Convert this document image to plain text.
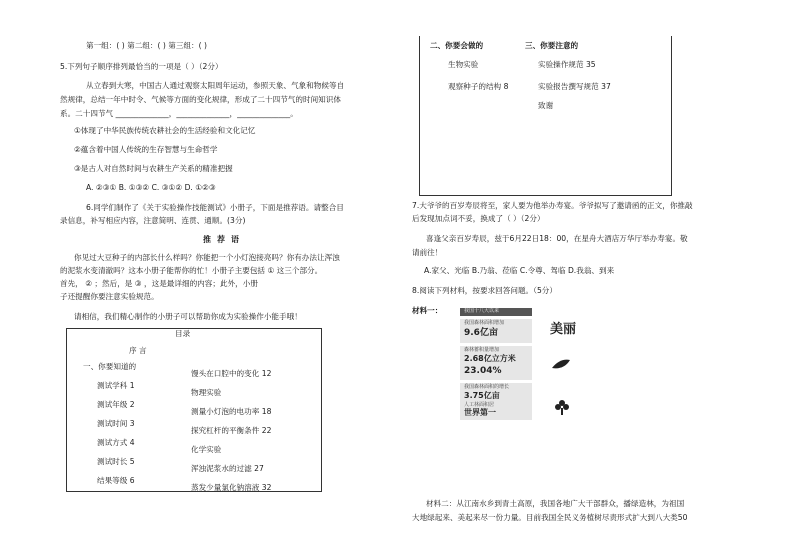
第一组：( ) 第二组：( ) 第三组：( )
5.下列句子顺序排列最恰当的一项是（ ）（2分）
从立春到大寒，中国古人通过观察太阳周年运动，参照天象、气象和物候等自
然规律，总结一年中时令、气候等方面的变化规律，形成了二十四节气的时间知识体
系。二十四节气 ______________，______________，______________。
①体现了中华民族传统农耕社会的生活经验和文化记忆
②蕴含着中国人传统的生存智慧与生命哲学
③是古人对自然时间与农耕生产关系的精准把握
A. ②③① B. ①③② C. ③①② D. ①②③
6.同学们制作了《关于实验操作技能测试》小册子，下面是推荐语。请整合目
录信息，补写相应内容，注意简明、连贯、通顺。(3分)
推荐语
你见过大豆种子的内部长什么样吗？你能把一个小灯泡接亮吗？你有办法让浑浊
的泥浆水变清澈吗？这本小册子能帮你的忙！小册子主要包括 ① 这三个部分。
首先， ② ；然后，是 ③ ，这是最详细的内容；此外，小册
子还提醒你要注意实验规范。
请相信，我们精心制作的小册子可以帮助你成为实验操作小能手哦！
目录
序 言
一、你要知道的
测试学科 1
测试年级 2
测试时间 3
测试方式 4
测试时长 5
结果等级 6
馒头在口腔中的变化 12
物理实验
测量小灯泡的电功率 18
探究杠杆的平衡条件 22
化学实验
浑浊泥浆水的过滤 27
蒸发少量氯化钠溶液 32
二、你要会做的	三、你要注意的
生物实验	实验操作规范 35
观察种子的结构 8	实验报告撰写规范 37
致谢
7.大爷爷的百岁寿辰将至，家人要为他举办寿宴。爷爷拟写了邀请函的正文，你推敲
后发现加点词不妥，换成了（ ）（2分）
喜逢父亲百岁寿辰，兹于6月22日18：00，在星舟大酒店万华厅举办寿宴。敬
请前往！
A.家父、光临 B.乃翁、莅临 C.令尊、驾临 D.我翁、到来
8.阅读下列材料，按要求回答问题。（5分）
材料一：	我国十八大以来
我国森林面积增加
9.6亿亩
森林蓄积量增加
2.68亿立方米
23.04%
我国森林面积的增长
3.75亿亩
人工林面积居
世界第一
美丽
材料二：从江南水乡到青土高原，我国各地广大干部群众，播绿造林，为祖国
大地绿起来、美起来尽一份力量。目前我国全民义务植树尽责形式扩大到八大类50
